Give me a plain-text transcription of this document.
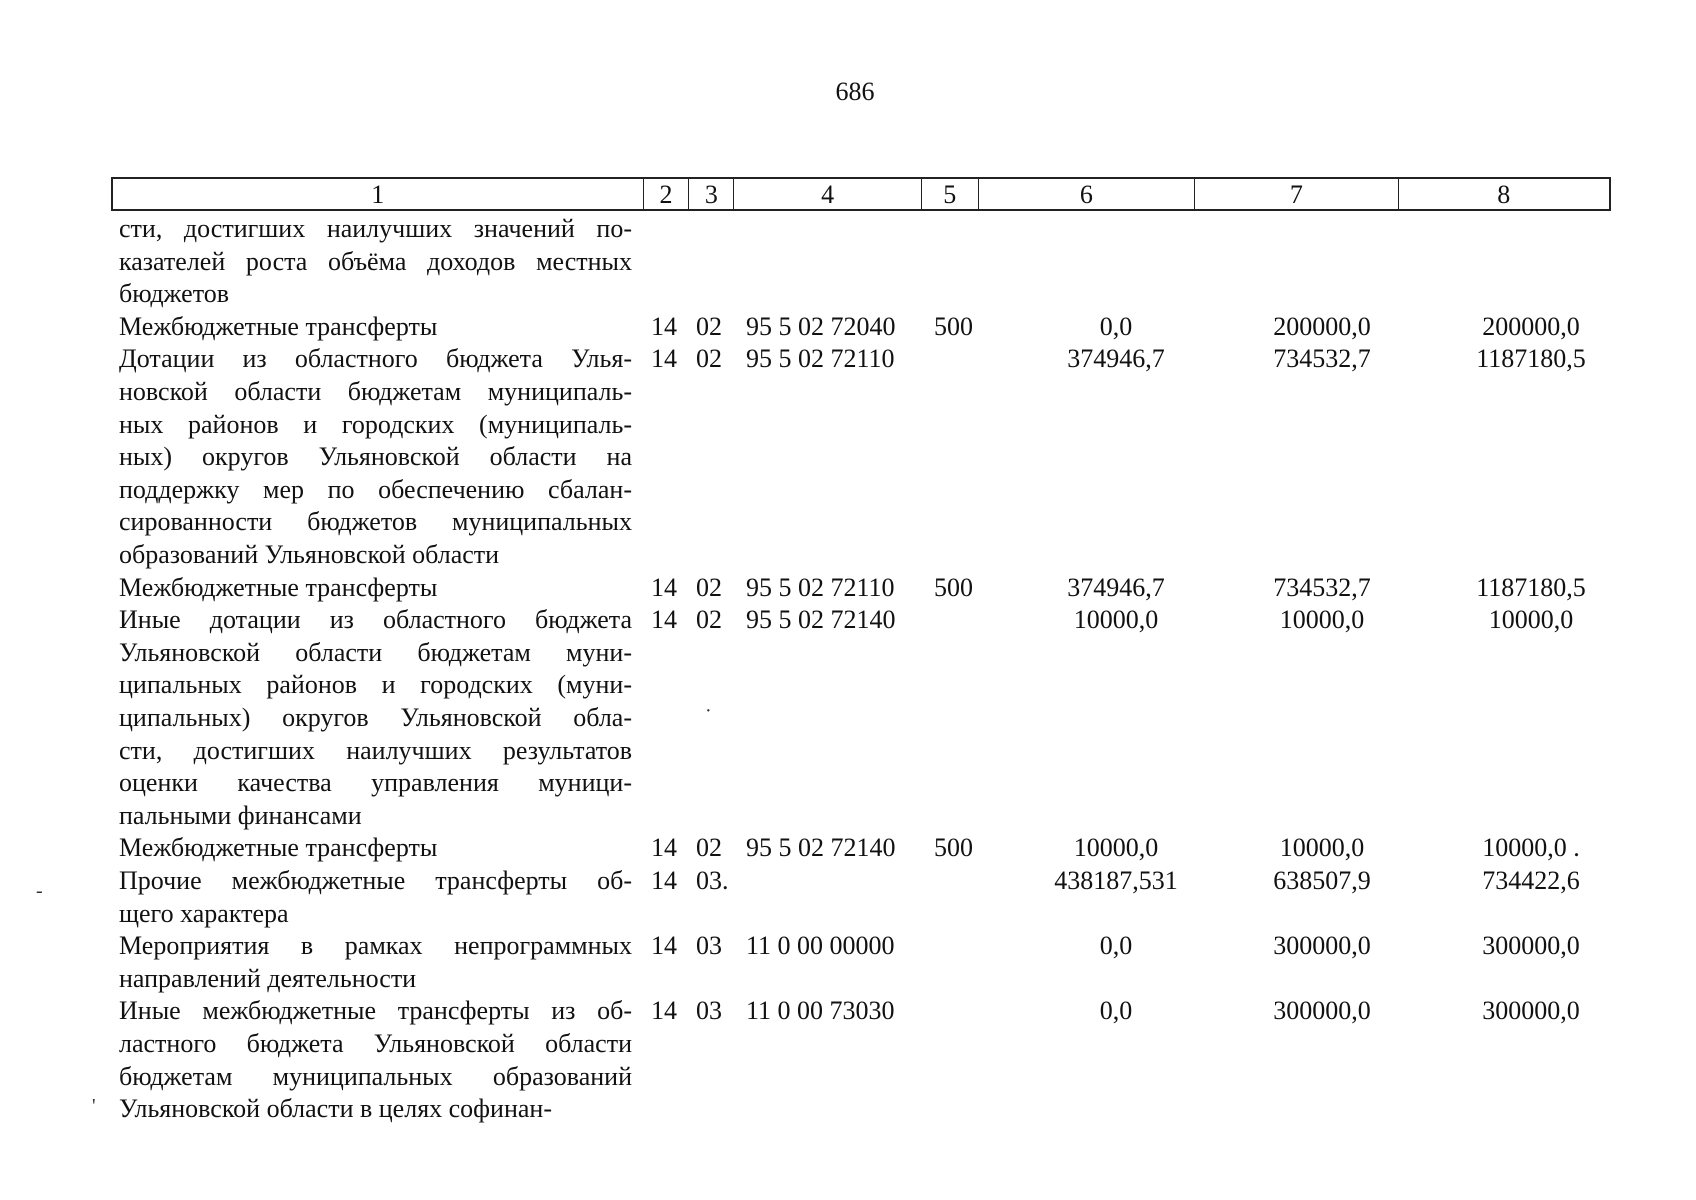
686
1	2	3	4	5	6	7	8
сти, достигших наилучших значений по-
казателей роста объёма доходов местных
бюджетов
Межбюджетные трансферты	14 02 95 5 02 72040 500	0,0	200000,0	200000,0
Дотации из областного бюджета Улья-
новской области бюджетам муниципаль-
ных районов и городских (муниципаль-
ных) округов Ульяновской области на
поддержку мер по обеспечению сбалан-
сированности бюджетов муниципальных
образований Ульяновской области
14 02 95 5 02 72110	374946,7	734532,7	1187180,5
Межбюджетные трансферты	14 02 95 5 02 72110 500	374946,7	734532,7	1187180,5
Иные дотации из областного бюджета
Ульяновской области бюджетам муни-
ципальных районов и городских (муни-
ципальных) округов Ульяновской обла-
сти, достигших наилучших результатов
оценки качества управления муници-
пальными финансами
14 02 95 5 02 72140	10000,0	10000,0	10000,0
Межбюджетные трансферты	14 02 95 5 02 72140 500	10000,0	10000,0	10000,0 .
Прочие межбюджетные трансферты об-
щего характера
14 03.	438187,531	638507,9	734422,6
Мероприятия в рамках непрограммных
направлений деятельности
14 03 11 0 00 00000	0,0	300000,0	300000,0
Иные межбюджетные трансферты из об-
ластного бюджета Ульяновской области
бюджетам муниципальных образований
Ульяновской области в целях софинан-
14 03 11 0 00 73030	0,0	300000,0	300000,0
·
-
'
